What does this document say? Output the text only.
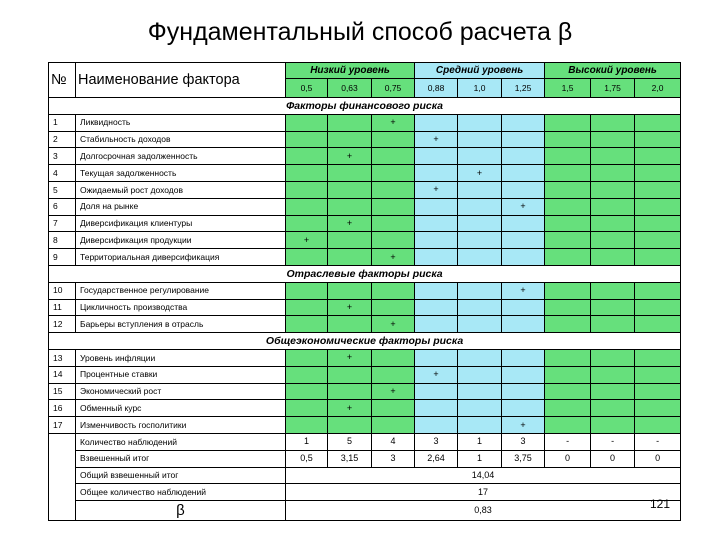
Фундаментальный способ расчета β
№	Наименование фактора	Низкий уровень			Средний уровень			Высокий уровень		
		0,5	0,63	0,75	0,88	1,0	1,25	1,5	1,75	2,0
Факторы финансового риска										
1	Ликвидность			+						
2	Стабильность доходов				+					
3	Долгосрочная задолженность		+							
4	Текущая задолженность					+				
5	Ожидаемый рост доходов				+					
6	Доля на рынке						+			
7	Диверсификация клиентуры		+							
8	Диверсификация продукции	+								
9	Территориальная диверсификация			+						
Отраслевые факторы риска										
10	Государственное регулирование						+			
11	Цикличность производства		+							
12	Барьеры вступления в отрасль			+						
Общеэкономические факторы риска										
13	Уровень инфляции		+							
14	Процентные ставки				+					
15	Экономический рост			+						
16	Обменный курс		+							
17	Изменчивость госполитики						+			
	Количество наблюдений	1	5	4	3	1	3	-	-	-
	Взвешенный итог	0,5	3,15	3	2,64	1	3,75	0	0	0
	Общий взвешенный итог	14,04								
	Общее количество наблюдений	17								
	β	0,83									121
